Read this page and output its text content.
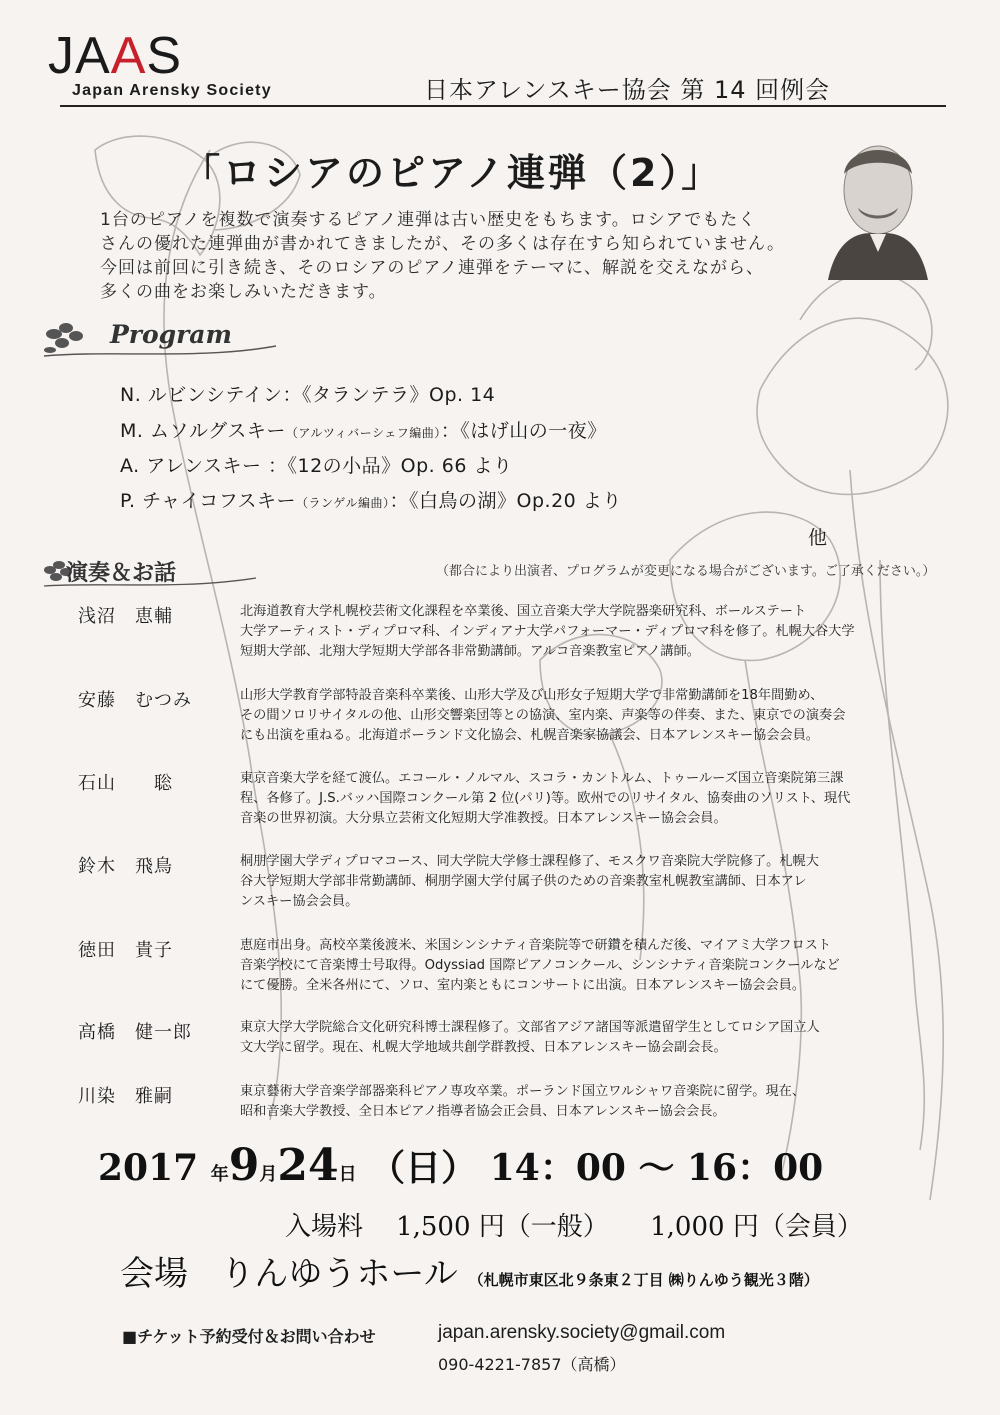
JAAS
Japan Arensky Society	日本アレンスキー協会 第 14 回例会
「ロシアのピアノ連弾（2）」

1台のピアノを複数で演奏するピアノ連弾は古い歴史をもちます。ロシアでもたく

さんの優れた連弾曲が書かれてきましたが、その多くは存在すら知られていません。

今回は前回に引き続き、そのロシアのピアノ連弾をテーマに、解説を交えながら、

多くの曲をお楽しみいただきます。

Program
N. ルビンシテイン：《タランテラ》Op. 14
M. ムソルグスキー（アルツィバーシェフ編曲）：《はげ山の一夜》
A. アレンスキー ：《12の小品》Op. 66 より
P. チャイコフスキー（ランゲル編曲）：《白鳥の湖》Op.20 より
他
演奏＆お話	（都合により出演者、プログラムが変更になる場合がございます。ご了承ください。）
浅沼　恵輔	北海道教育大学札幌校芸術文化課程を卒業後、国立音楽大学大学院器楽研究科、ボールステート

大学アーティスト・ディプロマ科、インディアナ大学パフォーマー・ディプロマ科を修了。札幌大谷大学

短期大学部、北翔大学短期大学部各非常勤講師。アルコ音楽教室ピアノ講師。

安藤　むつみ	山形大学教育学部特設音楽科卒業後、山形大学及び山形女子短期大学で非常勤講師を18年間勤め、

その間ソロリサイタルの他、山形交響楽団等との協演、室内楽、声楽等の伴奏、また、東京での演奏会

にも出演を重ねる。北海道ポーランド文化協会、札幌音楽家協議会、日本アレンスキー協会会員。

石山　　聡	東京音楽大学を経て渡仏。エコール・ノルマル、スコラ・カントルム、トゥールーズ国立音楽院第三課

程、各修了。J.S.バッハ国際コンクール第 2 位(パリ)等。欧州でのリサイタル、協奏曲のソリスト、現代

音楽の世界初演。大分県立芸術文化短期大学准教授。日本アレンスキー協会会員。

鈴木　飛鳥	桐朋学園大学ディプロマコース、同大学院大学修士課程修了、モスクワ音楽院大学院修了。札幌大

谷大学短期大学部非常勤講師、桐朋学園大学付属子供のための音楽教室札幌教室講師、日本アレ

ンスキー協会会員。

徳田　貴子	恵庭市出身。高校卒業後渡米、米国シンシナティ音楽院等で研鑽を積んだ後、マイアミ大学フロスト

音楽学校にて音楽博士号取得。Odyssiad 国際ピアノコンクール、シンシナティ音楽院コンクールなど

にて優勝。全米各州にて、ソロ、室内楽ともにコンサートに出演。日本アレンスキー協会会員。

高橋　健一郎	東京大学大学院総合文化研究科博士課程修了。文部省アジア諸国等派遣留学生としてロシア国立人

文大学に留学。現在、札幌大学地域共創学群教授、日本アレンスキー協会副会長。

川染　雅嗣	東京藝術大学音楽学部器楽科ピアノ専攻卒業。ポーランド国立ワルシャワ音楽院に留学。現在、

昭和音楽大学教授、全日本ピアノ指導者協会正会員、日本アレンスキー協会会長。

2017 年9月24日 （日） 14：00 ～ 16：00
入場料 1,500 円（一般） 1,000 円（会員）
会場 りんゆうホール （札幌市東区北９条東２丁目 ㈱りんゆう観光３階）
■チケット予約受付＆お問い合わせ	japan.arensky.society@gmail.com
090-4221-7857（高橋）
